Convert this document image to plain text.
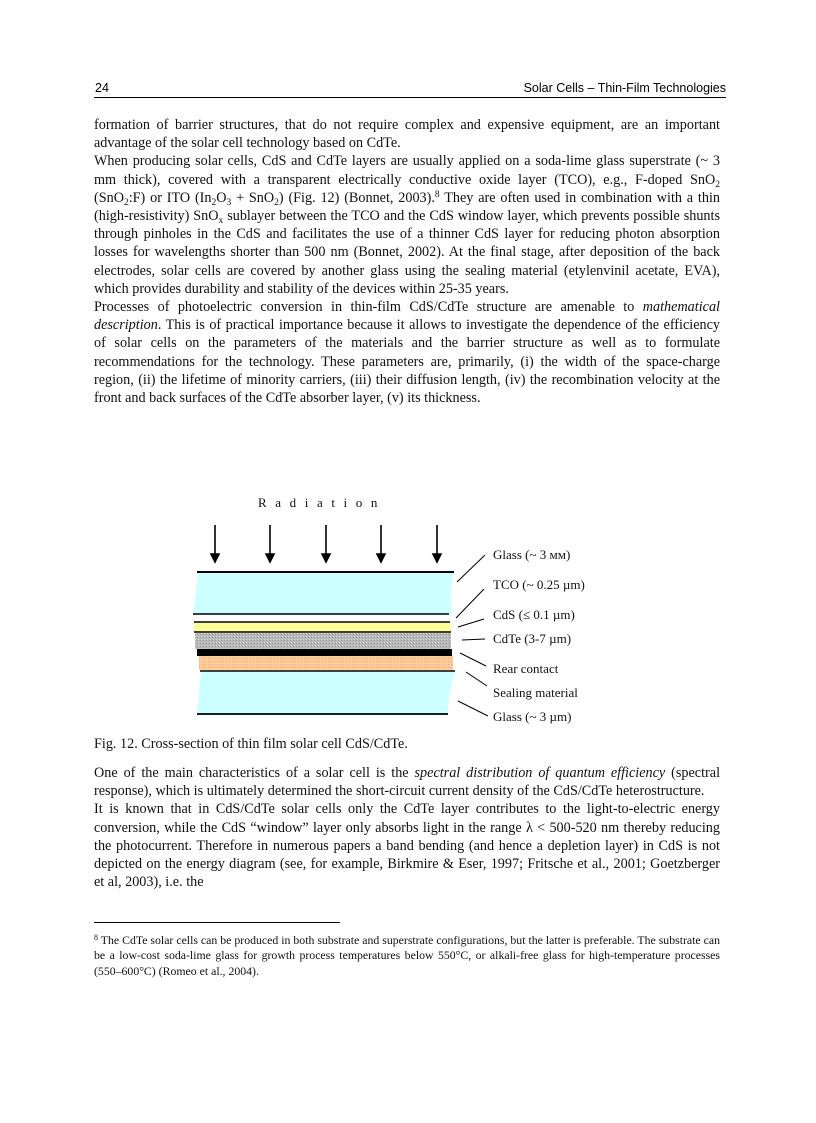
24	Solar Cells – Thin-Film Technologies

formation of barrier structures, that do not require complex and expensive equipment, are an important advantage of the solar cell technology based on CdTe.

When producing solar cells, CdS and CdTe layers are usually applied on a soda-lime glass superstrate (~ 3 mm thick), covered with a transparent electrically conductive oxide layer (TCO), e.g., F-doped SnO$_2$ (SnO$_2$:F) or ITO $(In_2O_3 + SnO_2)$ (Fig. 12) (Bonnet, 2003).$^8$ They are often used in combination with a thin (high-resistivity) SnO$_x$ sublayer between the TCO and the CdS window layer, which prevents possible shunts through pinholes in the CdS and facilitates the use of a thinner CdS layer for reducing photon absorption losses for wavelengths shorter than 500 nm (Bonnet, 2002). At the final stage, after deposition of the back electrodes, solar cells are covered by another glass using the sealing material (etylenvinil acetate, EVA), which provides durability and stability of the devices within 25-35 years.

Processes of photoelectric conversion in thin-film CdS/CdTe structure are amenable to mathematical description. This is of practical importance because it allows to investigate the dependence of the efficiency of solar cells on the parameters of the materials and the barrier structure as well as to formulate recommendations for the technology. These parameters are, primarily, (i) the width of the space-charge region, (ii) the lifetime of minority carriers, (iii) their diffusion length, (iv) the recombination velocity at the front and back surfaces of the CdTe absorber layer, (v) its thickness.

Radiation
Glass (~ 3 мм)
TCO (~ 0.25 µm)
CdS (≤ 0.1 µm)
CdTe (3-7 µm)
Rear contact
Sealing material
Glass (~ 3 µm)
Fig. 12. Cross-section of thin film solar cell CdS/CdTe.

One of the main characteristics of a solar cell is the spectral distribution of quantum efficiency (spectral response), which is ultimately determined the short-circuit current density of the CdS/CdTe heterostructure.

It is known that in CdS/CdTe solar cells only the CdTe layer contributes to the light-to-electric energy conversion, while the CdS “window” layer only absorbs light in the range λ < 500-520 nm thereby reducing the photocurrent. Therefore in numerous papers a band bending (and hence a depletion layer) in CdS is not depicted on the energy diagram (see, for example, Birkmire & Eser, 1997; Fritsche et al., 2001; Goetzberger et al, 2003), i.e. the

$^8$ The CdTe solar cells can be produced in both substrate and superstrate configurations, but the latter is preferable. The substrate can be a low-cost soda-lime glass for growth process temperatures below 550°C, or alkali-free glass for high-temperature processes (550–600°C) (Romeo et al., 2004).
